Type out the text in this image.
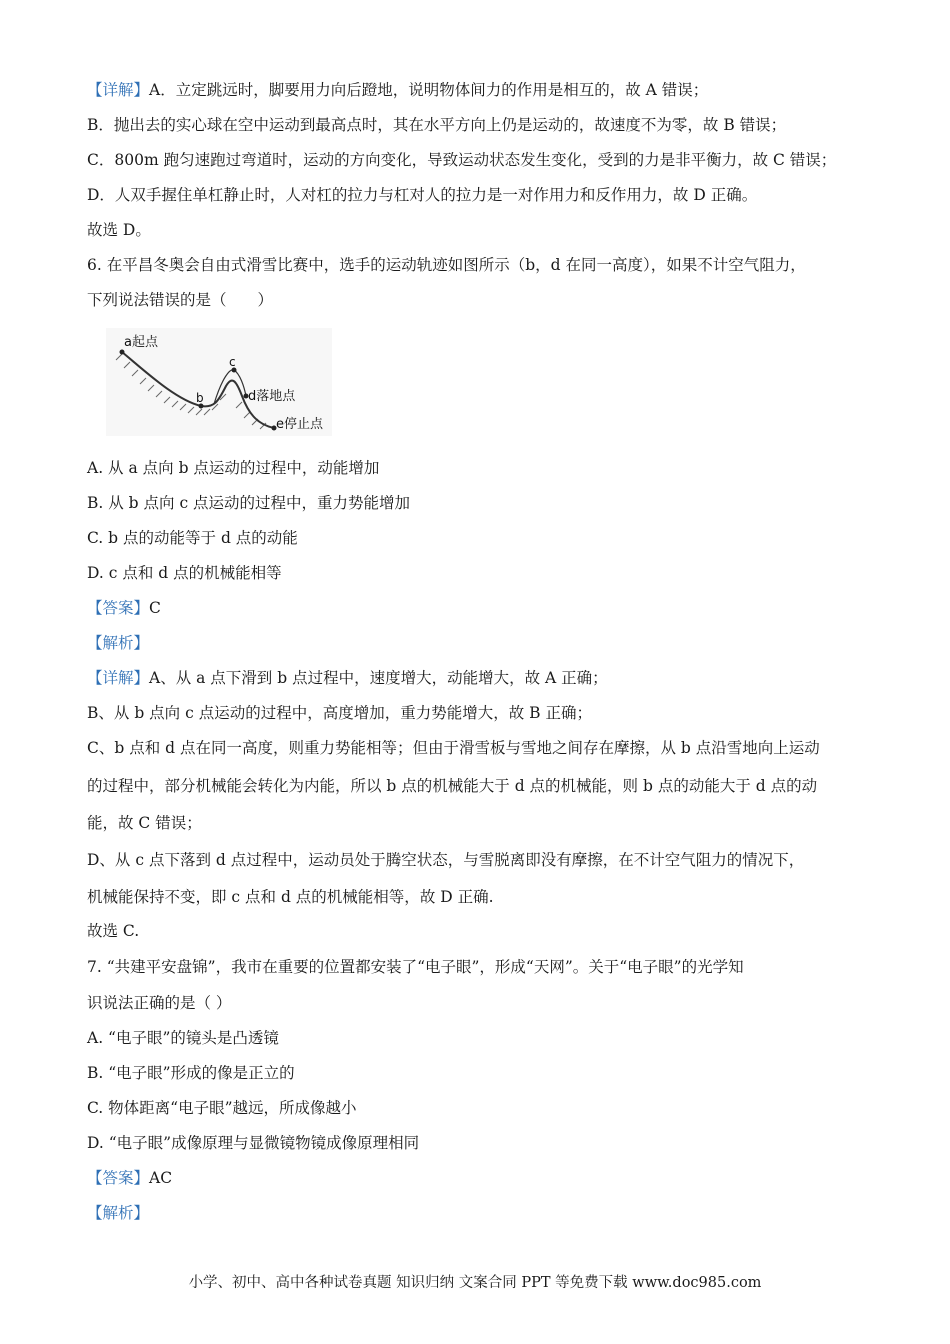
【详解】A．立定跳远时，脚要用力向后蹬地，说明物体间力的作用是相互的，故 A 错误；
B．抛出去的实心球在空中运动到最高点时，其在水平方向上仍是运动的，故速度不为零，故 B 错误；
C．800m 跑匀速跑过弯道时，运动的方向变化，导致运动状态发生变化，受到的力是非平衡力，故 C 错误；
D．人双手握住单杠静止时，人对杠的拉力与杠对人的拉力是一对作用力和反作用力，故 D 正确。
故选 D。
6. 在平昌冬奥会自由式滑雪比赛中，选手的运动轨迹如图所示（b，d 在同一高度），如果不计空气阻力，
下列说法错误的是（　　）
a起点
b
c
d落地点
e停止点
A. 从 a 点向 b 点运动的过程中，动能增加
B. 从 b 点向 c 点运动的过程中，重力势能增加
C. b 点的动能等于 d 点的动能
D. c 点和 d 点的机械能相等
【答案】C
【解析】
【详解】A、从 a 点下滑到 b 点过程中，速度增大，动能增大，故 A 正确；
B、从 b 点向 c 点运动的过程中，高度增加，重力势能增大，故 B 正确；
C、b 点和 d 点在同一高度，则重力势能相等；但由于滑雪板与雪地之间存在摩擦，从 b 点沿雪地向上运动
的过程中，部分机械能会转化为内能，所以 b 点的机械能大于 d 点的机械能，则 b 点的动能大于 d 点的动
能，故 C 错误；
D、从 c 点下落到 d 点过程中，运动员处于腾空状态，与雪脱离即没有摩擦，在不计空气阻力的情况下，
机械能保持不变，即 c 点和 d 点的机械能相等，故 D 正确.
故选 C.
7. “共建平安盘锦”，我市在重要的位置都安装了“电子眼”，形成“天网”。关于“电子眼”的光学知
识说法正确的是（ ）
A. “电子眼”的镜头是凸透镜
B. “电子眼”形成的像是正立的
C. 物体距离“电子眼”越远，所成像越小
D. “电子眼”成像原理与显微镜物镜成像原理相同
【答案】AC
【解析】
小学、初中、高中各种试卷真题 知识归纳 文案合同 PPT 等免费下载 www.doc985.com
